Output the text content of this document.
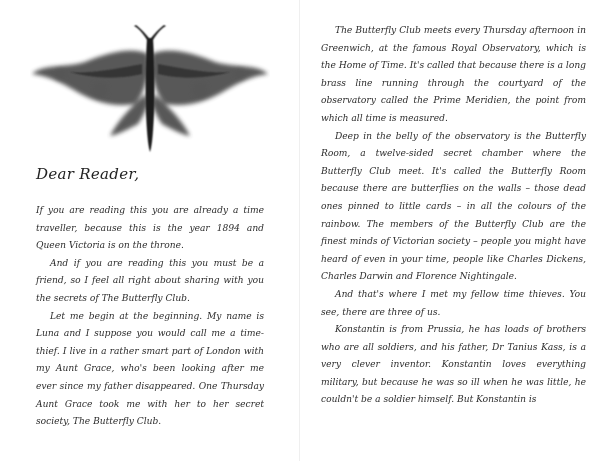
Dear Reader,

If you are reading this you are already a time traveller, because this is the year 1894 and Queen Victoria is on the throne.

And if you are reading this you must be a friend, so I feel all right about sharing with you the secrets of The Butterfly Club.

Let me begin at the beginning. My name is Luna and I suppose you would call me a time-thief. I live in a rather smart part of London with my Aunt Grace, who's been looking after me ever since my father disappeared. One Thursday Aunt Grace took me with her to her secret society, The Butterfly Club.

The Butterfly Club meets every Thursday afternoon in Greenwich, at the famous Royal Observatory, which is the Home of Time. It's called that because there is a long brass line running through the courtyard of the observatory called the Prime Meridien, the point from which all time is measured.

Deep in the belly of the observatory is the Butterfly Room, a twelve-sided secret chamber where the Butterfly Club meet. It's called the Butterfly Room because there are butterflies on the walls – those dead ones pinned to little cards – in all the colours of the rainbow. The members of the Butterfly Club are the finest minds of Victorian society – people you might have heard of even in your time, people like Charles Dickens, Charles Darwin and Florence Nightingale.

And that's where I met my fellow time thieves. You see, there are three of us.

Konstantin is from Prussia, he has loads of brothers who are all soldiers, and his father, Dr Tanius Kass, is a very clever inventor. Konstantin loves everything military, but because he was so ill when he was little, he couldn't be a soldier himself. But Konstantin is
